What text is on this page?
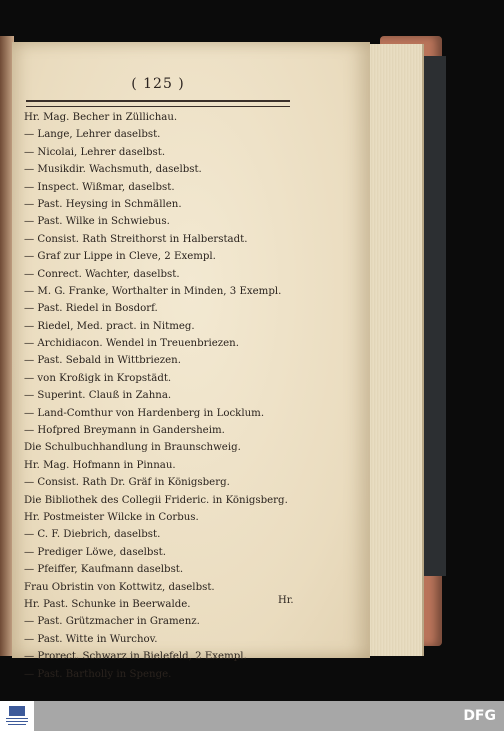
( 125 )
Hr. Mag. Becher in Züllichau.
— Lange, Lehrer daselbst.
— Nicolai, Lehrer daselbst.
— Musikdir. Wachsmuth, daselbst.
— Inspect. Wißmar, daselbst.
— Past. Heysing in Schmällen.
— Past. Wilke in Schwiebus.
— Consist. Rath Streithorst in Halberstadt.
— Graf zur Lippe in Cleve, 2 Exempl.
— Conrect. Wachter, daselbst.
— M. G. Franke, Worthalter in Minden, 3 Exempl.
— Past. Riedel in Bosdorf.
— Riedel, Med. pract. in Nitmeg.
— Archidiacon. Wendel in Treuenbriezen.
— Past. Sebald in Wittbriezen.
— von Kroßigk in Kropstädt.
— Superint. Clauß in Zahna.
— Land-Comthur von Hardenberg in Locklum.
— Hofpred Breymann in Gandersheim.
Die Schulbuchhandlung in Braunschweig.
Hr. Mag. Hofmann in Pinnau.
— Consist. Rath Dr. Gräf in Königsberg.
Die Bibliothek des Collegii Frideric. in Königsberg.
Hr. Postmeister Wilcke in Corbus.
— C. F. Diebrich, daselbst.
— Prediger Löwe, daselbst.
— Pfeiffer, Kaufmann daselbst.
Frau Obristin von Kottwitz, daselbst.
Hr. Past. Schunke in Beerwalde.
— Past. Grützmacher in Gramenz.
— Past. Witte in Wurchov.
— Prorect. Schwarz in Bielefeld, 2 Exempl.
— Past. Bartholly in Spenge.
Hr.
DFG
